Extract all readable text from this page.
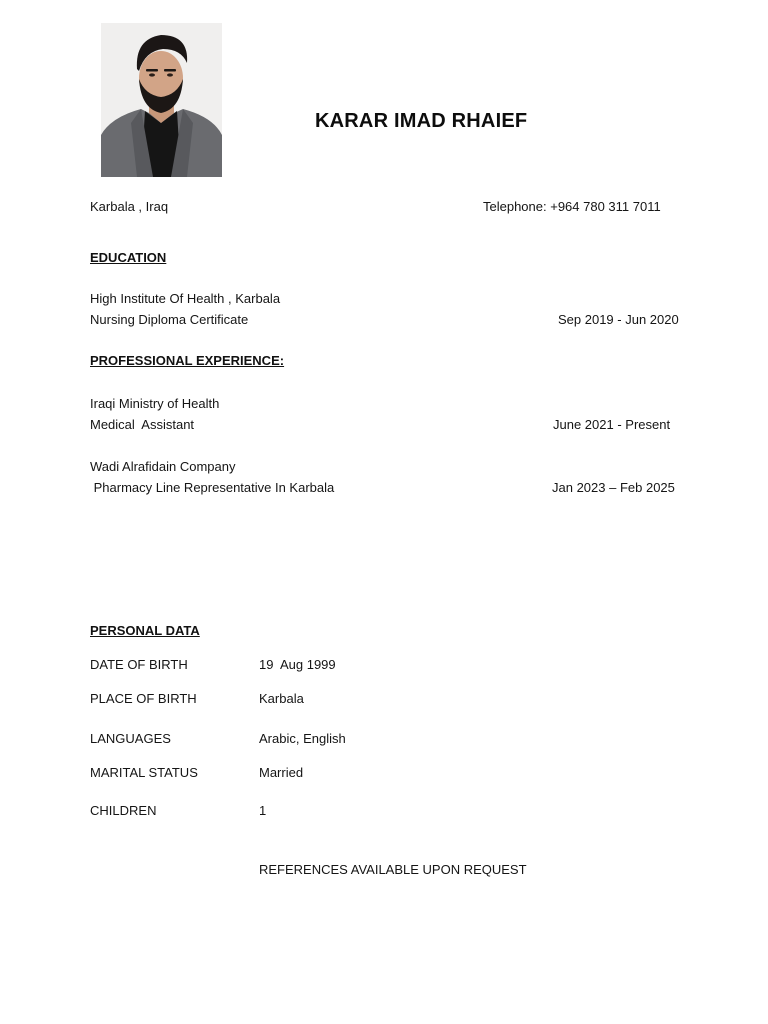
KARAR IMAD RHAIEF
Karbala , Iraq	Telephone: +964 780 311 7011
EDUCATION
High Institute Of Health , Karbala
Nursing Diploma Certificate	Sep 2019 - Jun 2020
PROFESSIONAL EXPERIENCE:
Iraqi Ministry of Health
Medical  Assistant	June 2021 - Present
Wadi Alrafidain Company
Pharmacy Line Representative In Karbala	Jan 2023 – Feb 2025
PERSONAL DATA
DATE OF BIRTH	19  Aug 1999
PLACE OF BIRTH	Karbala
LANGUAGES	Arabic, English
MARITAL STATUS	Married
CHILDREN	1
REFERENCES AVAILABLE UPON REQUEST
